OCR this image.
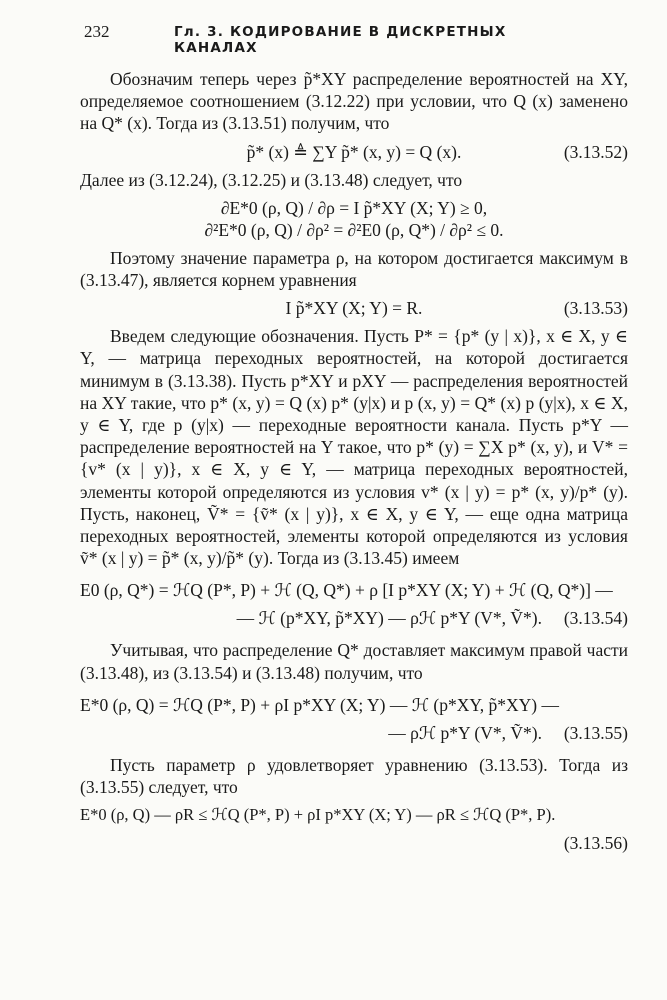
232	Гл. 3. КОДИРОВАНИЕ В ДИСКРЕТНЫХ КАНАЛАХ

Обозначим теперь через p̃*XY распределение вероятностей на XY, определяемое соотношением (3.12.22) при условии, что Q (x) заменено на Q* (x). Тогда из (3.13.51) получим, что

p̃* (x) ≜ ∑Y p̃* (x, y) = Q (x).	(3.13.52)

Далее из (3.12.24), (3.12.25) и (3.13.48) следует, что

∂E*0 (ρ, Q) / ∂ρ = I p̃*XY (X; Y) ≥ 0,
∂²E*0 (ρ, Q) / ∂ρ² = ∂²E0 (ρ, Q*) / ∂ρ² ≤ 0.

Поэтому значение параметра ρ, на котором достигается максимум в (3.13.47), является корнем уравнения

I p̃*XY (X; Y) = R.	(3.13.53)

Введем следующие обозначения. Пусть P* = {p* (y | x)}, x ∈ X, y ∈ Y, — матрица переходных вероятностей, на которой достигается минимум в (3.13.38). Пусть p*XY и pXY — распределения вероятностей на XY такие, что p* (x, y) = Q (x) p* (y|x) и p (x, y) = Q* (x) p (y|x), x ∈ X, y ∈ Y, где p (y|x) — переходные вероятности канала. Пусть p*Y — распределение вероятностей на Y такое, что p* (y) = ∑X p* (x, y), и V* = {v* (x | y)}, x ∈ X, y ∈ Y, — матрица переходных вероятностей, элементы которой определяются из условия v* (x | y) = p* (x, y)/p* (y). Пусть, наконец, Ṽ* = {ṽ* (x | y)}, x ∈ X, y ∈ Y, — еще одна матрица переходных вероятностей, элементы которой определяются из условия ṽ* (x | y) = p̃* (x, y)/p̃* (y). Тогда из (3.13.45) имеем

E0 (ρ, Q*) = ℋQ (P*, P) + ℋ (Q, Q*) + ρ [I p*XY (X; Y) + ℋ (Q, Q*)] —
— ℋ (p*XY, p̃*XY) — ρℋ p*Y (V*, Ṽ*). (3.13.54)

Учитывая, что распределение Q* доставляет максимум правой части (3.13.48), из (3.13.54) и (3.13.48) получим, что

E*0 (ρ, Q) = ℋQ (P*, P) + ρI p*XY (X; Y) — ℋ (p*XY, p̃*XY) —
— ρℋ p*Y (V*, Ṽ*). (3.13.55)

Пусть параметр ρ удовлетворяет уравнению (3.13.53). Тогда из (3.13.55) следует, что

E*0 (ρ, Q) — ρR ≤ ℋQ (P*, P) + ρI p*XY (X; Y) — ρR ≤ ℋQ (P*, P).
(3.13.56)
